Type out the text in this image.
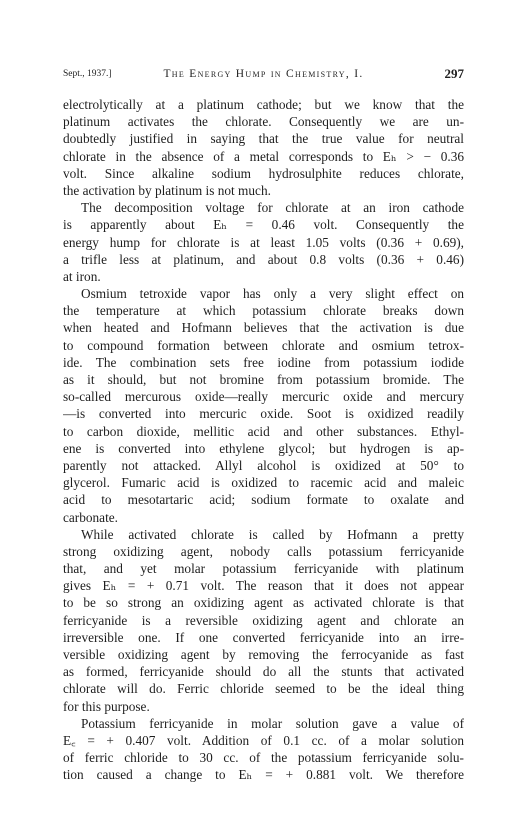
Sept., 1937.]	The Energy Hump in Chemistry, I.	297
electrolytically at a platinum cathode; but we know that the
platinum activates the chlorate. Consequently we are un-
doubtedly justified in saying that the true value for neutral
chlorate in the absence of a metal corresponds to Eₕ > − 0.36
volt. Since alkaline sodium hydrosulphite reduces chlorate,
the activation by platinum is not much.
The decomposition voltage for chlorate at an iron cathode
is apparently about Eₕ = 0.46 volt. Consequently the
energy hump for chlorate is at least 1.05 volts (0.36 + 0.69),
a trifle less at platinum, and about 0.8 volts (0.36 + 0.46)
at iron.
Osmium tetroxide vapor has only a very slight effect on
the temperature at which potassium chlorate breaks down
when heated and Hofmann believes that the activation is due
to compound formation between chlorate and osmium tetrox-
ide. The combination sets free iodine from potassium iodide
as it should, but not bromine from potassium bromide. The
so-called mercurous oxide—really mercuric oxide and mercury
—is converted into mercuric oxide. Soot is oxidized readily
to carbon dioxide, mellitic acid and other substances. Ethyl-
ene is converted into ethylene glycol; but hydrogen is ap-
parently not attacked. Allyl alcohol is oxidized at 50° to
glycerol. Fumaric acid is oxidized to racemic acid and maleic
acid to mesotartaric acid; sodium formate to oxalate and
carbonate.
While activated chlorate is called by Hofmann a pretty
strong oxidizing agent, nobody calls potassium ferricyanide
that, and yet molar potassium ferricyanide with platinum
gives Eₕ = + 0.71 volt. The reason that it does not appear
to be so strong an oxidizing agent as activated chlorate is that
ferricyanide is a reversible oxidizing agent and chlorate an
irreversible one. If one converted ferricyanide into an irre-
versible oxidizing agent by removing the ferrocyanide as fast
as formed, ferricyanide should do all the stunts that activated
chlorate will do. Ferric chloride seemed to be the ideal thing
for this purpose.
Potassium ferricyanide in molar solution gave a value of
E꜀ = + 0.407 volt. Addition of 0.1 cc. of a molar solution
of ferric chloride to 30 cc. of the potassium ferricyanide solu-
tion caused a change to Eₕ = + 0.881 volt. We therefore
